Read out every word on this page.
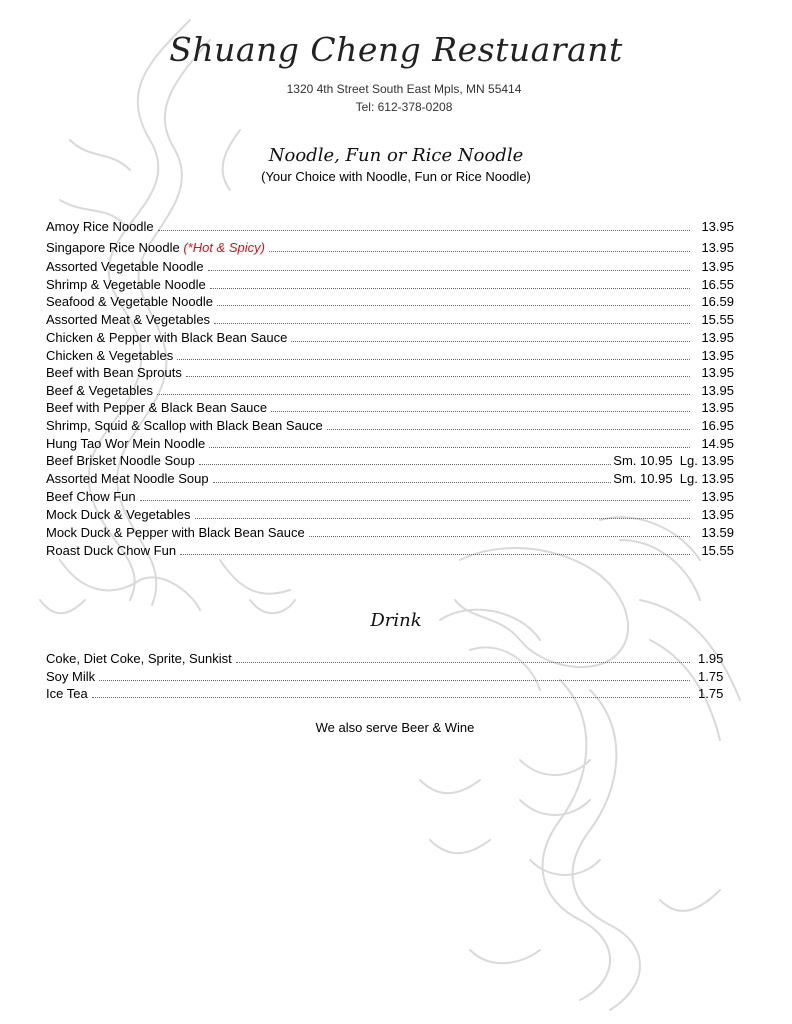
Shuang Cheng Restuarant
1320 4th Street South East Mpls, MN 55414
Tel: 612-378-0208
Noodle, Fun or Rice Noodle
(Your Choice with Noodle, Fun or Rice Noodle)
Amoy Rice Noodle	13.95
Singapore Rice Noodle (*Hot & Spicy)	13.95
Assorted Vegetable Noodle	13.95
Shrimp & Vegetable Noodle	16.55
Seafood & Vegetable Noodle	16.59
Assorted Meat & Vegetables	15.55
Chicken & Pepper with Black Bean Sauce	13.95
Chicken & Vegetables	13.95
Beef with Bean Sprouts	13.95
Beef & Vegetables	13.95
Beef with Pepper & Black Bean Sauce	13.95
Shrimp, Squid & Scallop with Black Bean Sauce	16.95
Hung Tao Wor Mein Noodle	14.95
Beef Brisket Noodle Soup	Sm. 10.95  Lg. 13.95
Assorted Meat Noodle Soup	Sm. 10.95  Lg. 13.95
Beef Chow Fun	13.95
Mock Duck & Vegetables	13.95
Mock Duck & Pepper with Black Bean Sauce	13.59
Roast Duck Chow Fun	15.55
Drink
Coke, Diet Coke, Sprite, Sunkist	1.95
Soy Milk	1.75
Ice Tea	1.75
We also serve Beer & Wine
